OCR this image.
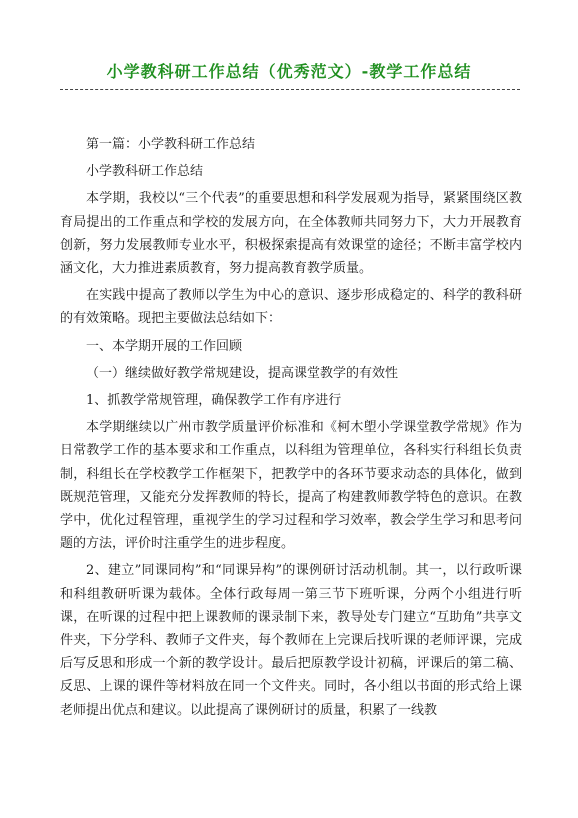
小学教科研工作总结（优秀范文）-教学工作总结

第一篇：小学教科研工作总结

小学教科研工作总结

本学期，我校以“三个代表”的重要思想和科学发展观为指导，紧紧围绕区教育局提出的工作重点和学校的发展方向，在全体教师共同努力下，大力开展教育创新，努力发展教师专业水平，积极探索提高有效课堂的途径；不断丰富学校内涵文化，大力推进素质教育，努力提高教育教学质量。

在实践中提高了教师以学生为中心的意识、逐步形成稳定的、科学的教科研的有效策略。现把主要做法总结如下：

一、本学期开展的工作回顾

（一）继续做好教学常规建设，提高课堂教学的有效性

1、抓教学常规管理，确保教学工作有序进行

本学期继续以广州市教学质量评价标准和《柯木塱小学课堂教学常规》作为日常教学工作的基本要求和工作重点，以科组为管理单位，各科实行科组长负责制，科组长在学校教学工作框架下，把教学中的各环节要求动态的具体化，做到既规范管理，又能充分发挥教师的特长，提高了构建教师教学特色的意识。在教学中，优化过程管理，重视学生的学习过程和学习效率，教会学生学习和思考问题的方法，评价时注重学生的进步程度。

2、建立”同课同构”和“同课异构”的课例研讨活动机制。其一，以行政听课和科组教研听课为载体。全体行政每周一第三节下班听课，分两个小组进行听课，在听课的过程中把上课教师的课录制下来，教导处专门建立“互助角”共享文件夹，下分学科、教师子文件夹，每个教师在上完课后找听课的老师评课，完成后写反思和形成一个新的教学设计。最后把原教学设计初稿，评课后的第二稿、反思、上课的课件等材料放在同一个文件夹。同时，各小组以书面的形式给上课老师提出优点和建议。以此提高了课例研讨的质量，积累了一线教
